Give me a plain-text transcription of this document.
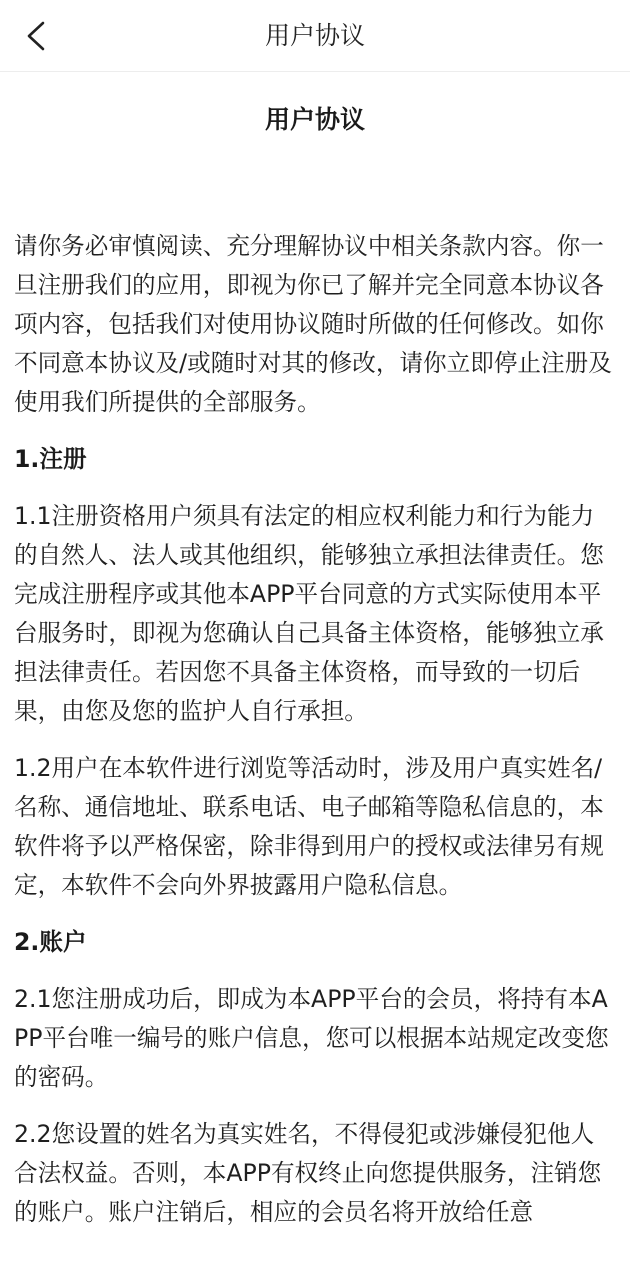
用户协议
用户协议

请你务必审慎阅读、充分理解协议中相关条款内容。你一旦注册我们的应用，即视为你已了解并完全同意本协议各项内容，包括我们对使用协议随时所做的任何修改。如你不同意本协议及/或随时对其的修改，请你立即停止注册及使用我们所提供的全部服务。

1.注册

1.1注册资格用户须具有法定的相应权利能力和行为能力的自然人、法人或其他组织，能够独立承担法律责任。您完成注册程序或其他本APP平台同意的方式实际使用本平台服务时，即视为您确认自己具备主体资格，能够独立承担法律责任。若因您不具备主体资格，而导致的一切后果，由您及您的监护人自行承担。

1.2用户在本软件进行浏览等活动时，涉及用户真实姓名/名称、通信地址、联系电话、电子邮箱等隐私信息的，本软件将予以严格保密，除非得到用户的授权或法律另有规定，本软件不会向外界披露用户隐私信息。

2.账户

2.1您注册成功后，即成为本APP平台的会员，将持有本APP平台唯一编号的账户信息，您可以根据本站规定改变您的密码。

2.2您设置的姓名为真实姓名，不得侵犯或涉嫌侵犯他人合法权益。否则，本APP有权终止向您提供服务，注销您的账户。账户注销后，相应的会员名将开放给任意
